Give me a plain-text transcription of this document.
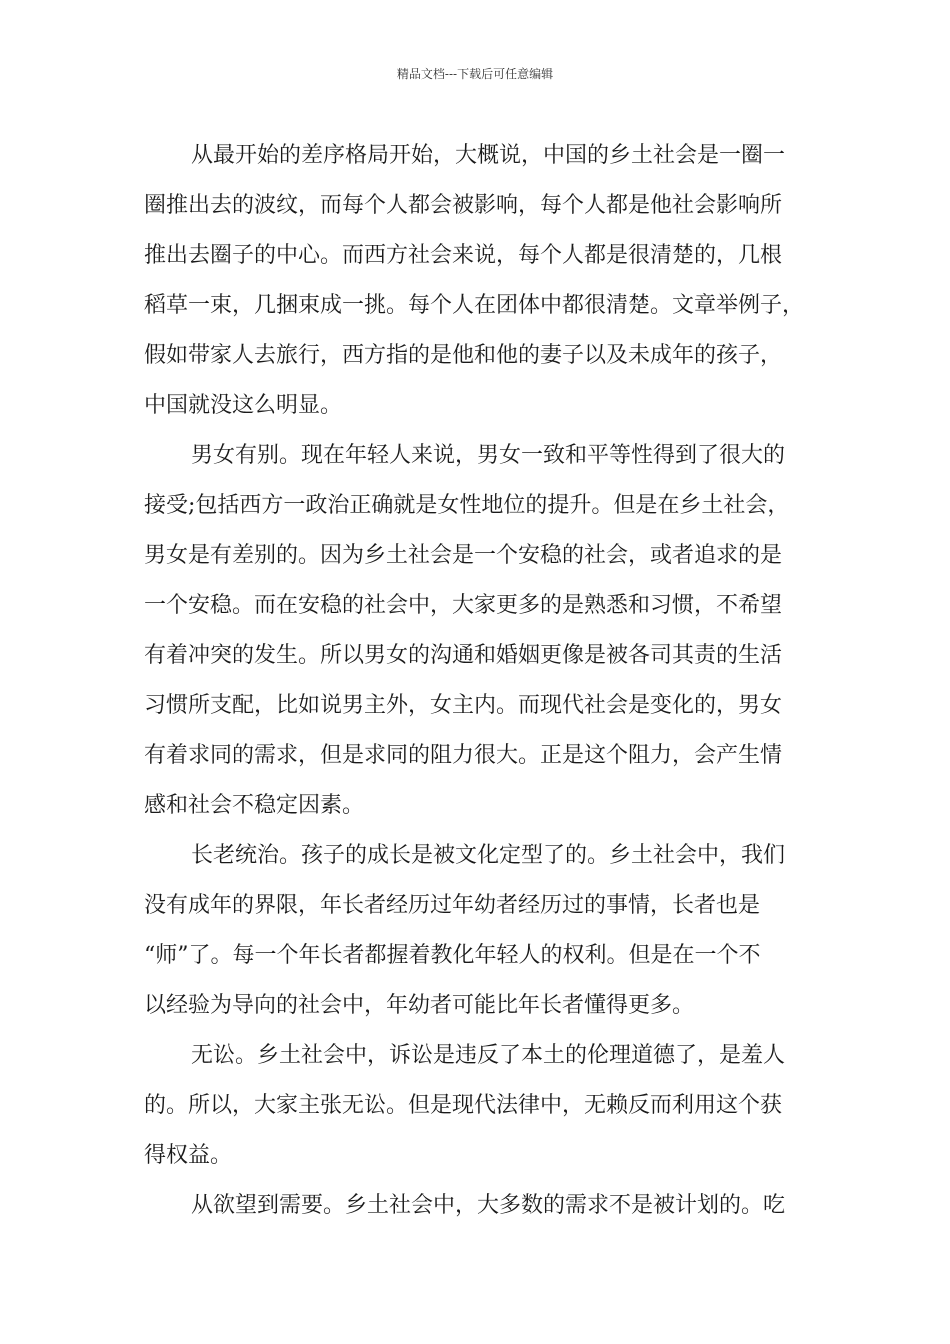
精品文档---下载后可任意编辑
从最开始的差序格局开始，大概说，中国的乡土社会是一圈一
圈推出去的波纹，而每个人都会被影响，每个人都是他社会影响所
推出去圈子的中心。而西方社会来说，每个人都是很清楚的，几根
稻草一束，几捆束成一挑。每个人在团体中都很清楚。文章举例子，
假如带家人去旅行，西方指的是他和他的妻子以及未成年的孩子，
中国就没这么明显。
男女有别。现在年轻人来说，男女一致和平等性得到了很大的
接受;包括西方一政治正确就是女性地位的提升。但是在乡土社会，
男女是有差别的。因为乡土社会是一个安稳的社会，或者追求的是
一个安稳。而在安稳的社会中，大家更多的是熟悉和习惯，不希望
有着冲突的发生。所以男女的沟通和婚姻更像是被各司其责的生活
习惯所支配，比如说男主外，女主内。而现代社会是变化的，男女
有着求同的需求，但是求同的阻力很大。正是这个阻力，会产生情
感和社会不稳定因素。
长老统治。孩子的成长是被文化定型了的。乡土社会中，我们
没有成年的界限，年长者经历过年幼者经历过的事情，长者也是
“师”了。每一个年长者都握着教化年轻人的权利。但是在一个不
以经验为导向的社会中，年幼者可能比年长者懂得更多。
无讼。乡土社会中，诉讼是违反了本土的伦理道德了，是羞人
的。所以，大家主张无讼。但是现代法律中，无赖反而利用这个获
得权益。
从欲望到需要。乡土社会中，大多数的需求不是被计划的。吃
